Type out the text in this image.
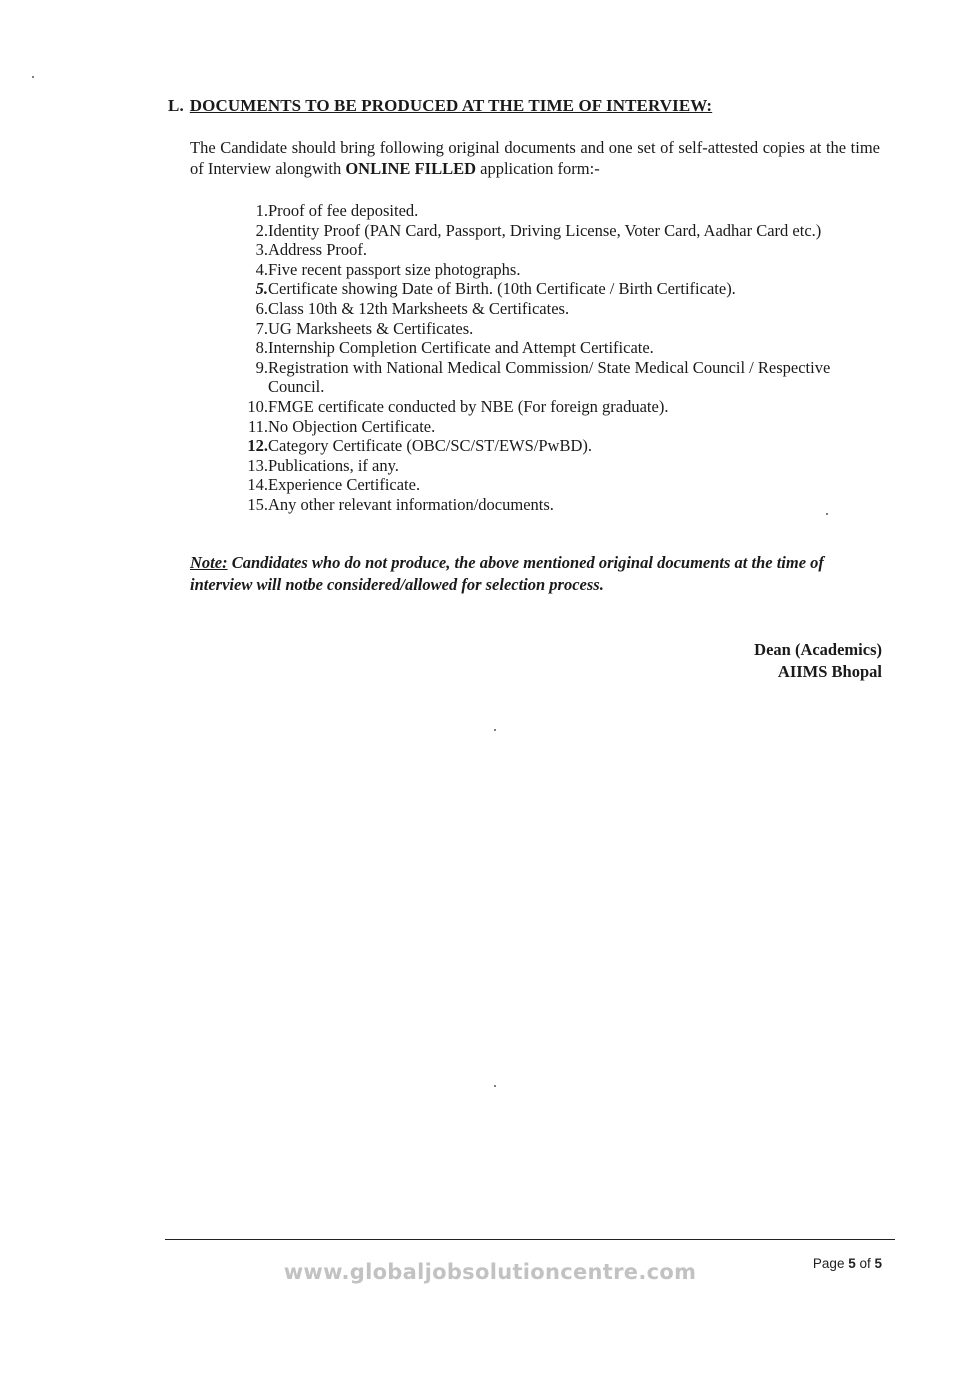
L. DOCUMENTS TO BE PRODUCED AT THE TIME OF INTERVIEW:
The Candidate should bring following original documents and one set of self-attested copies at the time of Interview alongwith ONLINE FILLED application form:-
1. Proof of fee deposited.
2. Identity Proof (PAN Card, Passport, Driving License, Voter Card, Aadhar Card etc.)
3. Address Proof.
4. Five recent passport size photographs.
5. Certificate showing Date of Birth. (10th Certificate / Birth Certificate).
6. Class 10th & 12th Marksheets & Certificates.
7. UG Marksheets & Certificates.
8. Internship Completion Certificate and Attempt Certificate.
9. Registration with National Medical Commission/ State Medical Council / Respective Council.
10. FMGE certificate conducted by NBE (For foreign graduate).
11. No Objection Certificate.
12. Category Certificate (OBC/SC/ST/EWS/PwBD).
13. Publications, if any.
14. Experience Certificate.
15. Any other relevant information/documents.
Note: Candidates who do not produce, the above mentioned original documents at the time of interview will notbe considered/allowed for selection process.
Dean (Academics)
AIIMS Bhopal
www.globaljobsolutioncentre.com	Page 5 of 5
